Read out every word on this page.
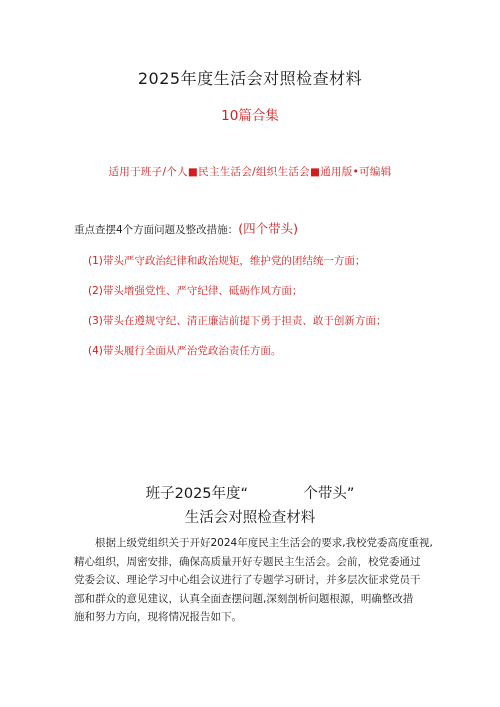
2025年度生活会对照检查材料
10篇合集
适用于班子/个人■民主生活会/组织生活会■通用版•可编辑
重点查摆4个方面问题及整改措施：(四个带头)
(1)带头严守政治纪律和政治规矩，维护党的团结统一方面；
(2)带头增强党性、严守纪律、砥砺作风方面；
(3)带头在遵规守纪、清正廉洁前提下勇于担责、敢于创新方面；
(4)带头履行全面从严治党政治责任方面。
班子2025年度“            个带头”
生活会对照检查材料
根据上级党组织关于开好2024年度民主生活会的要求,我校党委高度重视,
精心组织，周密安排，确保高质量开好专题民主生活会。会前，校党委通过
党委会议、理论学习中心组会议进行了专题学习研讨，并多层次征求党员干
部和群众的意见建议，认真全面查摆问题,深刻剖析问题根源，明确整改措
施和努力方向，现将情况报告如下。
